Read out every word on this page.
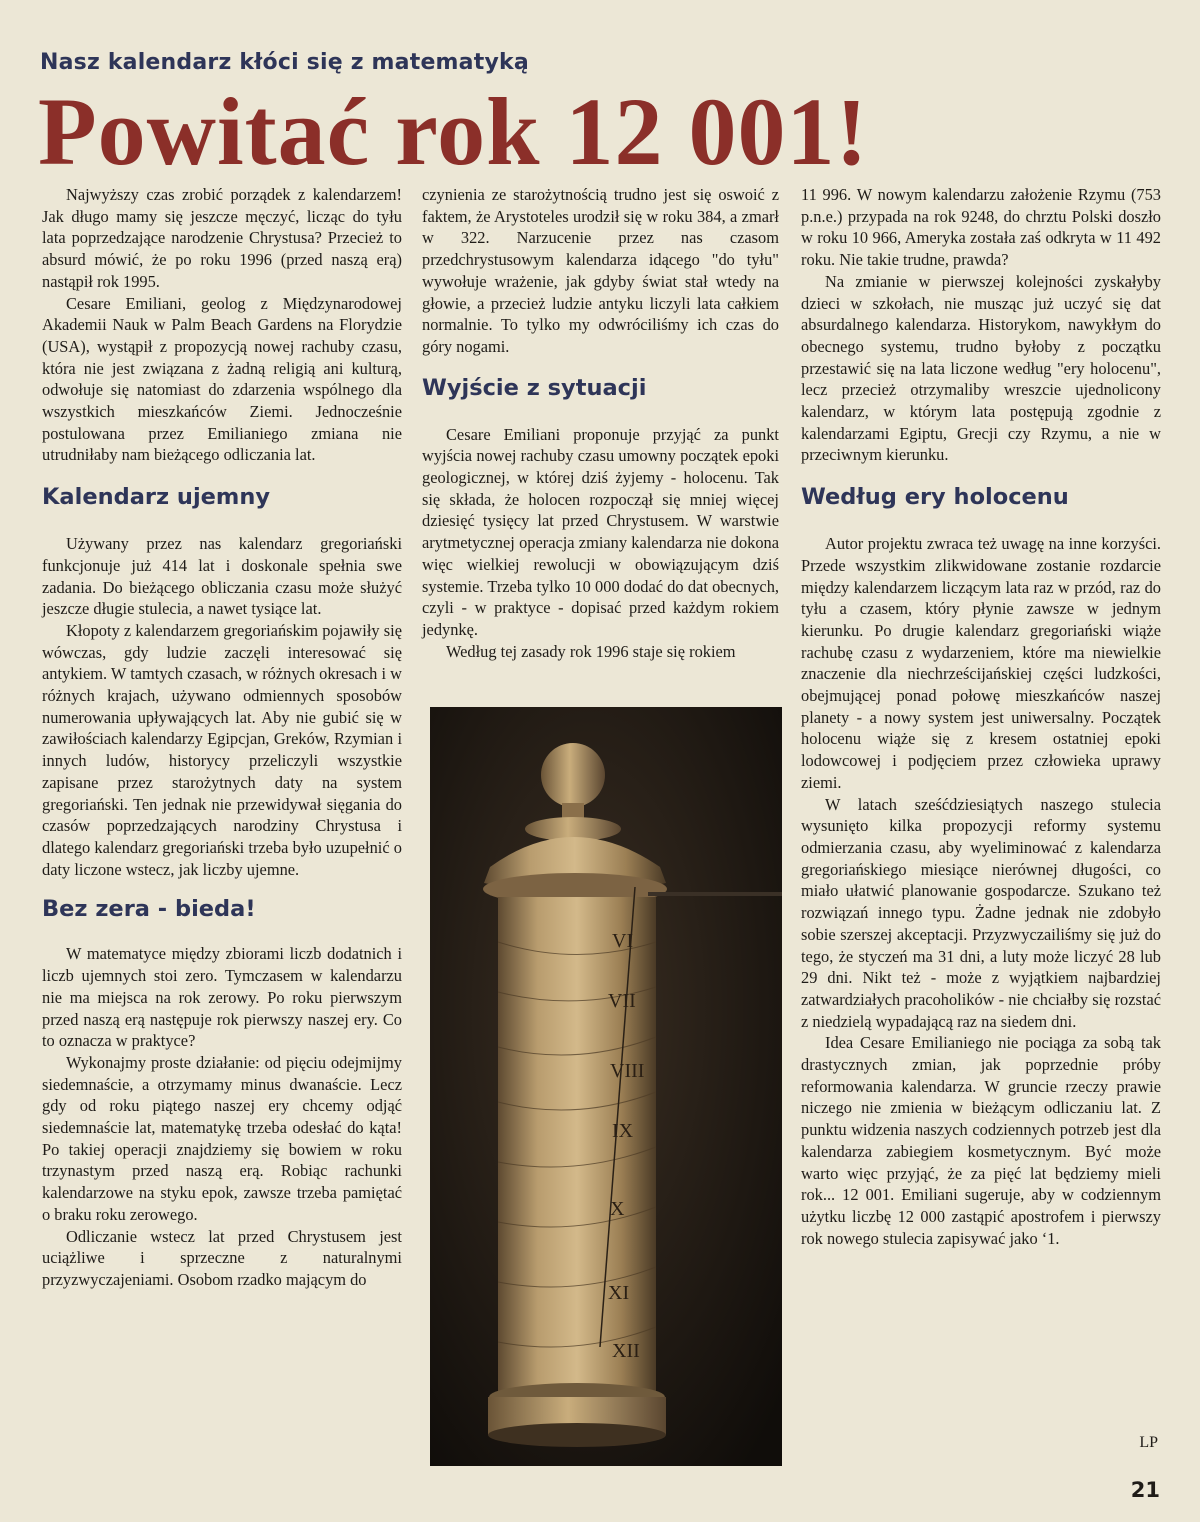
Nasz kalendarz kłóci się z matematyką
Powitać rok 12 001!

Najwyższy czas zrobić porządek z kalendarzem! Jak długo mamy się jeszcze męczyć, licząc do tyłu lata poprzedzające narodzenie Chrystusa? Przecież to absurd mówić, że po roku 1996 (przed naszą erą) nastąpił rok 1995.

Cesare Emiliani, geolog z Międzynarodowej Akademii Nauk w Palm Beach Gardens na Florydzie (USA), wystąpił z propozycją nowej rachuby czasu, która nie jest związana z żadną religią ani kulturą, odwołuje się natomiast do zdarzenia wspólnego dla wszystkich mieszkańców Ziemi. Jednocześnie postulowana przez Emilianiego zmiana nie utrudniłaby nam bieżącego odliczania lat.

Kalendarz ujemny

Używany przez nas kalendarz gregoriański funkcjonuje już 414 lat i doskonale spełnia swe zadania. Do bieżącego obliczania czasu może służyć jeszcze długie stulecia, a nawet tysiące lat.

Kłopoty z kalendarzem gregoriańskim pojawiły się wówczas, gdy ludzie zaczęli interesować się antykiem. W tamtych czasach, w różnych okresach i w różnych krajach, używano odmiennych sposobów numerowania upływających lat. Aby nie gubić się w zawiłościach kalendarzy Egipcjan, Greków, Rzymian i innych ludów, historycy przeliczyli wszystkie zapisane przez starożytnych daty na system gregoriański. Ten jednak nie przewidywał sięgania do czasów poprzedzających narodziny Chrystusa i dlatego kalendarz gregoriański trzeba było uzupełnić o daty liczone wstecz, jak liczby ujemne.

Bez zera - bieda!

W matematyce między zbiorami liczb dodatnich i liczb ujemnych stoi zero. Tymczasem w kalendarzu nie ma miejsca na rok zerowy. Po roku pierwszym przed naszą erą następuje rok pierwszy naszej ery. Co to oznacza w praktyce?

Wykonajmy proste działanie: od pięciu odejmijmy siedemnaście, a otrzymamy minus dwanaście. Lecz gdy od roku piątego naszej ery chcemy odjąć siedemnaście lat, matematykę trzeba odesłać do kąta! Po takiej operacji znajdziemy się bowiem w roku trzynastym przed naszą erą. Robiąc rachunki kalendarzowe na styku epok, zawsze trzeba pamiętać o braku roku zerowego.

Odliczanie wstecz lat przed Chrystusem jest uciążliwe i sprzeczne z naturalnymi przyzwyczajeniami. Osobom rzadko mającym do

czynienia ze starożytnością trudno jest się oswoić z faktem, że Arystoteles urodził się w roku 384, a zmarł w 322. Narzucenie przez nas czasom przedchrystusowym kalendarza idącego "do tyłu" wywołuje wrażenie, jak gdyby świat stał wtedy na głowie, a przecież ludzie antyku liczyli lata całkiem normalnie. To tylko my odwróciliśmy ich czas do góry nogami.

Wyjście z sytuacji

Cesare Emiliani proponuje przyjąć za punkt wyjścia nowej rachuby czasu umowny początek epoki geologicznej, w której dziś żyjemy - holocenu. Tak się składa, że holocen rozpoczął się mniej więcej dziesięć tysięcy lat przed Chrystusem. W warstwie arytmetycznej operacja zmiany kalendarza nie dokona więc wielkiej rewolucji w obowiązującym dziś systemie. Trzeba tylko 10 000 dodać do dat obecnych, czyli - w praktyce - dopisać przed każdym rokiem jedynkę.

Według tej zasady rok 1996 staje się rokiem

VI
VII
VIII
IX
X
XI
XII

11 996. W nowym kalendarzu założenie Rzymu (753 p.n.e.) przypada na rok 9248, do chrztu Polski doszło w roku 10 966, Ameryka została zaś odkryta w 11 492 roku. Nie takie trudne, prawda?

Na zmianie w pierwszej kolejności zyskałyby dzieci w szkołach, nie musząc już uczyć się dat absurdalnego kalendarza. Historykom, nawykłym do obecnego systemu, trudno byłoby z początku przestawić się na lata liczone według "ery holocenu", lecz przecież otrzymaliby wreszcie ujednolicony kalendarz, w którym lata postępują zgodnie z kalendarzami Egiptu, Grecji czy Rzymu, a nie w przeciwnym kierunku.

Według ery holocenu

Autor projektu zwraca też uwagę na inne korzyści. Przede wszystkim zlikwidowane zostanie rozdarcie między kalendarzem liczącym lata raz w przód, raz do tyłu a czasem, który płynie zawsze w jednym kierunku. Po drugie kalendarz gregoriański wiąże rachubę czasu z wydarzeniem, które ma niewielkie znaczenie dla niechrześcijańskiej części ludzkości, obejmującej ponad połowę mieszkańców naszej planety - a nowy system jest uniwersalny. Początek holocenu wiąże się z kresem ostatniej epoki lodowcowej i podjęciem przez człowieka uprawy ziemi.

W latach sześćdziesiątych naszego stulecia wysunięto kilka propozycji reformy systemu odmierzania czasu, aby wyeliminować z kalendarza gregoriańskiego miesiące nierównej długości, co miało ułatwić planowanie gospodarcze. Szukano też rozwiązań innego typu. Żadne jednak nie zdobyło sobie szerszej akceptacji. Przyzwyczailiśmy się już do tego, że styczeń ma 31 dni, a luty może liczyć 28 lub 29 dni. Nikt też - może z wyjątkiem najbardziej zatwardziałych pracoholików - nie chciałby się rozstać z niedzielą wypadającą raz na siedem dni.

Idea Cesare Emilianiego nie pociąga za sobą tak drastycznych zmian, jak poprzednie próby reformowania kalendarza. W gruncie rzeczy prawie niczego nie zmienia w bieżącym odliczaniu lat. Z punktu widzenia naszych codziennych potrzeb jest dla kalendarza zabiegiem kosmetycznym. Być może warto więc przyjąć, że za pięć lat będziemy mieli rok... 12 001. Emiliani sugeruje, aby w codziennym użytku liczbę 12 000 zastąpić apostrofem i pierwszy rok nowego stulecia zapisywać jako ‘1.

LP
21
